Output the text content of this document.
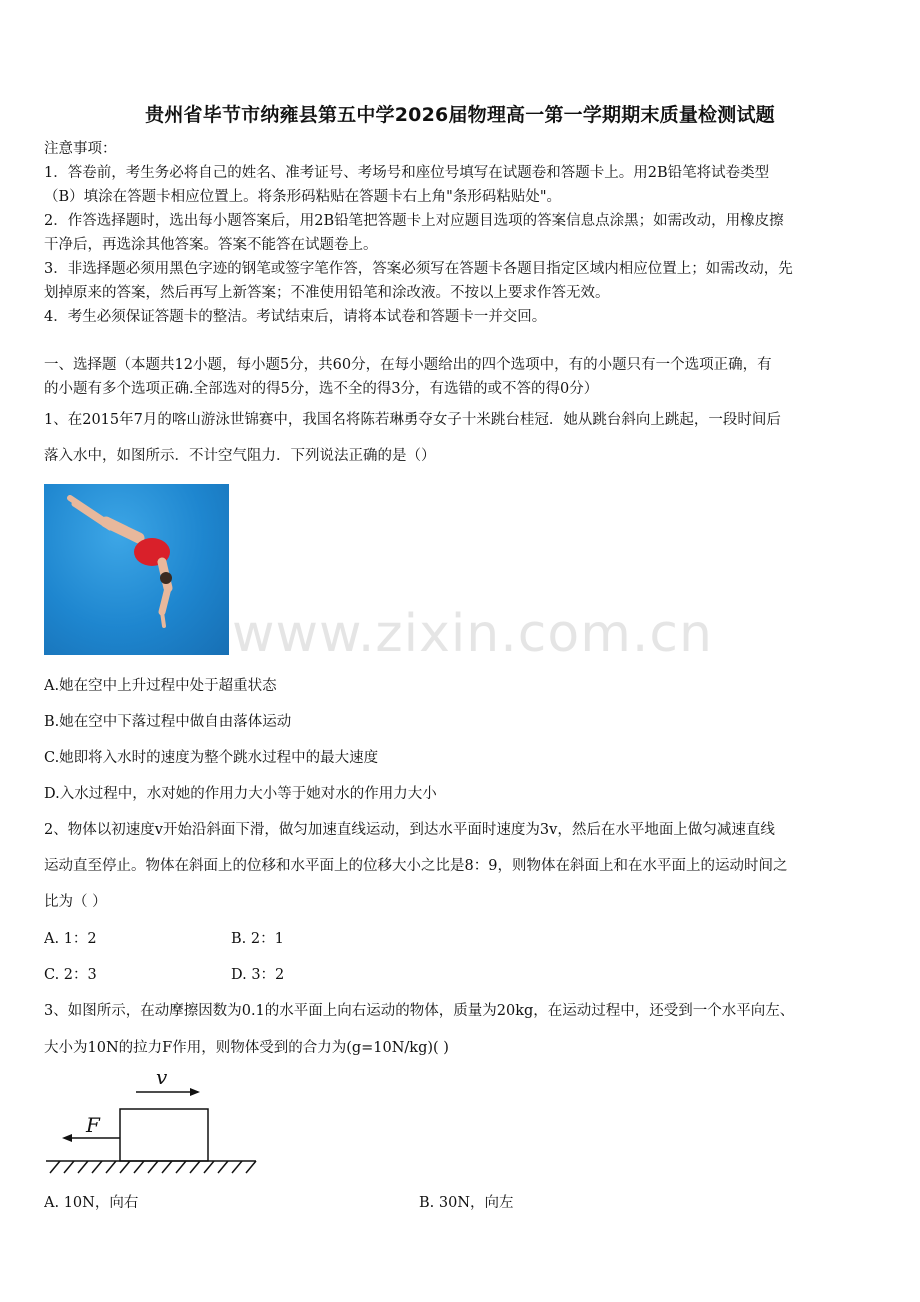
贵州省毕节市纳雍县第五中学2026届物理高一第一学期期末质量检测试题
注意事项：
1．答卷前，考生务必将自己的姓名、准考证号、考场号和座位号填写在试题卷和答题卡上。用2B铅笔将试卷类型
（B）填涂在答题卡相应位置上。将条形码粘贴在答题卡右上角"条形码粘贴处"。
2．作答选择题时，选出每小题答案后，用2B铅笔把答题卡上对应题目选项的答案信息点涂黑；如需改动，用橡皮擦
干净后，再选涂其他答案。答案不能答在试题卷上。
3．非选择题必须用黑色字迹的钢笔或签字笔作答，答案必须写在答题卡各题目指定区域内相应位置上；如需改动，先
划掉原来的答案，然后再写上新答案；不准使用铅笔和涂改液。不按以上要求作答无效。
4．考生必须保证答题卡的整洁。考试结束后，请将本试卷和答题卡一并交回。
一、选择题（本题共12小题，每小题5分，共60分，在每小题给出的四个选项中，有的小题只有一个选项正确，有
的小题有多个选项正确.全部选对的得5分，选不全的得3分，有选错的或不答的得0分）
1、在2015年7月的喀山游泳世锦赛中，我国名将陈若琳勇夺女子十米跳台桂冠．她从跳台斜向上跳起，一段时间后
落入水中，如图所示．不计空气阻力．下列说法正确的是（）
www.zixin.com.cn
A.她在空中上升过程中处于超重状态
B.她在空中下落过程中做自由落体运动
C.她即将入水时的速度为整个跳水过程中的最大速度
D.入水过程中，水对她的作用力大小等于她对水的作用力大小
2、物体以初速度v开始沿斜面下滑，做匀加速直线运动，到达水平面时速度为3v，然后在水平地面上做匀减速直线
运动直至停止。物体在斜面上的位移和水平面上的位移大小之比是8：9，则物体在斜面上和在水平面上的运动时间之
比为（ ）
A. 1：2	B. 2：1
C. 2：3	D. 3：2
3、如图所示，在动摩擦因数为0.1的水平面上向右运动的物体，质量为20kg，在运动过程中，还受到一个水平向左、
大小为10N的拉力F作用，则物体受到的合力为(g=10N/kg)( )
v
F
A. 10N，向右	B. 30N，向左
